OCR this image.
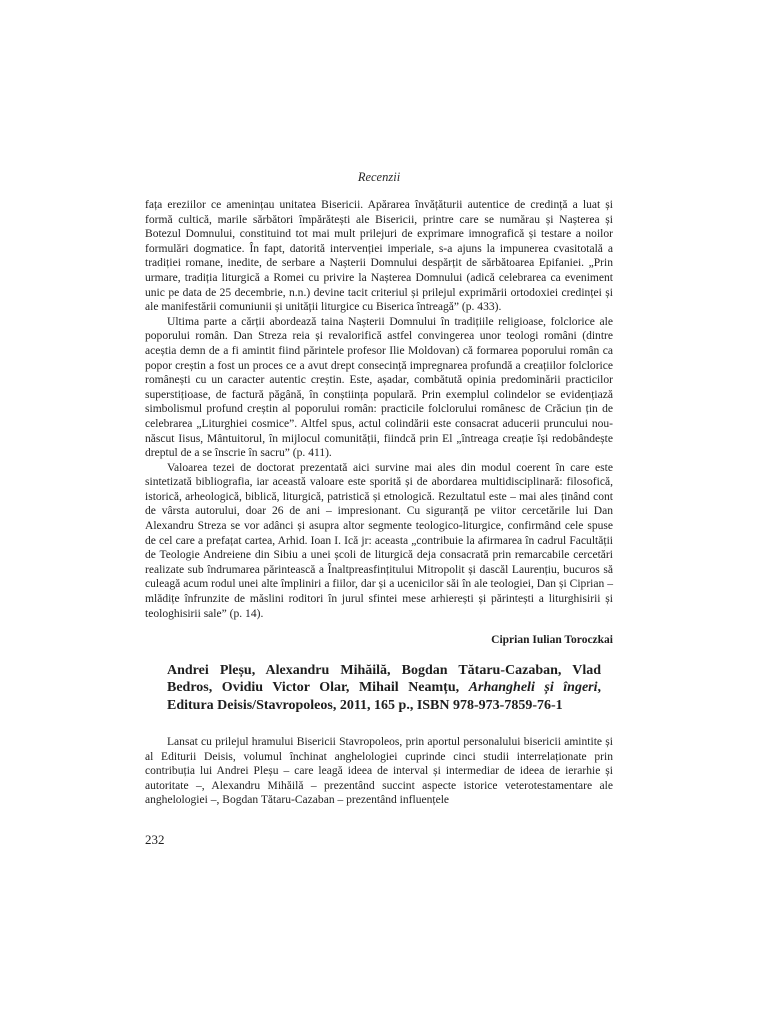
Recenzii

fața ereziilor ce amenințau unitatea Bisericii. Apărarea învățăturii autentice de credință a luat și formă cultică, marile sărbători împărătești ale Bisericii, printre care se numărau și Nașterea și Botezul Domnului, constituind tot mai mult prilejuri de exprimare imnografică și testare a noilor formulări dogmatice. În fapt, datorită intervenției imperiale, s-a ajuns la impunerea cvasitotală a tradiției romane, inedite, de serbare a Nașterii Domnului despărțit de sărbătoarea Epifaniei. „Prin urmare, tradiția liturgică a Romei cu privire la Nașterea Domnului (adică celebrarea ca eveniment unic pe data de 25 decembrie, n.n.) devine tacit criteriul și prilejul exprimării ortodoxiei credinței și ale manifestării comuniunii și unității liturgice cu Biserica întreagă” (p. 433).

Ultima parte a cărții abordează taina Nașterii Domnului în tradițiile religioase, folclorice ale poporului român. Dan Streza reia și revalorifică astfel convingerea unor teologi români (dintre aceștia demn de a fi amintit fiind părintele profesor Ilie Moldovan) că formarea poporului român ca popor creștin a fost un proces ce a avut drept consecință impregnarea profundă a creațiilor folclorice românești cu un caracter autentic creștin. Este, așadar, combătută opinia predominării practicilor superstițioase, de factură păgână, în conștiința populară. Prin exemplul colindelor se evidențiază simbolismul profund creștin al poporului român: practicile folclorului românesc de Crăciun țin de celebrarea „Liturghiei cosmice”. Altfel spus, actul colindării este consacrat aducerii pruncului nou-născut Iisus, Mântuitorul, în mijlocul comunității, fiindcă prin El „întreaga creație își redobândește dreptul de a se înscrie în sacru” (p. 411).

Valoarea tezei de doctorat prezentată aici survine mai ales din modul coerent în care este sintetizată bibliografia, iar această valoare este sporită și de abordarea multidisciplinară: filosofică, istorică, arheologică, biblică, liturgică, patristică și etnologică. Rezultatul este – mai ales ținând cont de vârsta autorului, doar 26 de ani – impresionant. Cu siguranță pe viitor cercetările lui Dan Alexandru Streza se vor adânci și asupra altor segmente teologico-liturgice, confirmând cele spuse de cel care a prefațat cartea, Arhid. Ioan I. Ică jr: aceasta „contribuie la afirmarea în cadrul Facultății de Teologie Andreiene din Sibiu a unei școli de liturgică deja consacrată prin remarcabile cercetări realizate sub îndrumarea părintească a Înaltpreasfințitului Mitropolit și dascăl Laurențiu, bucuros să culeagă acum rodul unei alte împliniri a fiilor, dar și a ucenicilor săi în ale teologiei, Dan și Ciprian – mlădițe înfrunzite de măslini roditori în jurul sfintei mese arhierești și părintești a liturghisirii și teologhisirii sale” (p. 14).

Ciprian Iulian Toroczkai

Andrei Pleșu, Alexandru Mihăilă, Bogdan Tătaru-Cazaban, Vlad Bedros, Ovidiu Victor Olar, Mihail Neamțu, Arhangheli și îngeri, Editura Deisis/Stavropoleos, 2011, 165 p., ISBN 978-973-7859-76-1

Lansat cu prilejul hramului Bisericii Stavropoleos, prin aportul personalului bisericii amintite și al Editurii Deisis, volumul închinat anghelologiei cuprinde cinci studii interrelaționate prin contribuția lui Andrei Pleșu – care leagă ideea de interval și intermediar de ideea de ierarhie și autoritate –, Alexandru Mihăilă – prezentând succint aspecte istorice veterotestamentare ale anghelologiei –, Bogdan Tătaru-Cazaban – prezentând influențele

232
